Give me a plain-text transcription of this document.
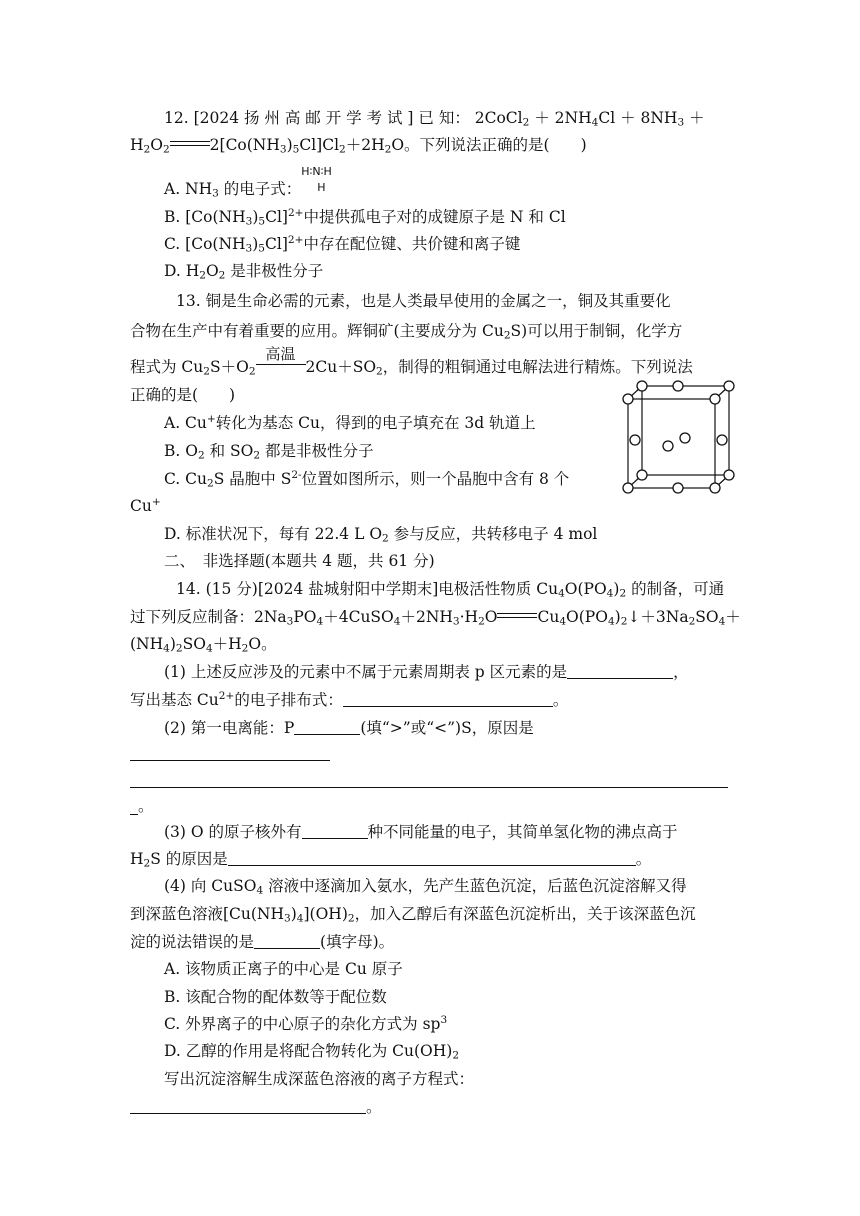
12. [2024 扬 州 高 邮 开 学 考 试 ] 已 知： 2CoCl$_2$ ＋ $2NH_4Cl + 8NH_3$ ＋
$H_2O_2$	$2[Co(NH_3)_5Cl]Cl_2+2H_2O$。下列说法正确的是(　　)
A. $NH_3$ 的电子式：
H∶N∶H
H
B. $[Co(NH_3)_5Cl]^{2+}$中提供孤电子对的成键原子是 N 和 Cl
C. $[Co(NH_3)_5Cl]^{2+}$中存在配位键、共价键和离子键
D. $H_2O_2$ 是非极性分子
13. 铜是生命必需的元素，也是人类最早使用的金属之一，铜及其重要化
合物在生产中有着重要的应用。辉铜矿(主要成分为 $Cu_2S$)可以用于制铜，化学方
程式为 $Cu_2S+O_2$
高温
$2Cu+SO_2$，制得的粗铜通过电解法进行精炼。下列说法
正确的是(　　)
A. Cu+转化为基态 Cu，得到的电子填充在 3d 轨道上
B. $O_2$ 和 $SO_2$ 都是非极性分子
C. $Cu_2S$ 晶胞中 $S^{2-}$位置如图所示，则一个晶胞中含有 8 个
Cu+
D. 标准状况下，每有 22.4 L $O_2$ 参与反应，共转移电子 4 mol
二、　非选择题(本题共 4 题，共 61 分)
14. (15 分)[2024 盐城射阳中学期末]电极活性物质 $Cu_4O(PO_4)_2$ 的制备，可通
过下列反应制备：$2Na_3PO_4+4CuSO_4+2NH_3\cdot H_2O$	$Cu_4O(PO_4)_2↓+3Na_2SO_4+$
$(NH_4)_2SO_4+H_2O$。
(1) 上述反应涉及的元素中不属于元素周期表 p 区元素的是	，
写出基态 $Cu^{2+}$的电子排布式：	。
(2) 第一电离能：P	(填“>”或“<”)S，原因是
。
(3) O 的原子核外有	种不同能量的电子，其简单氢化物的沸点高于
$H_2S$ 的原因是	。
(4) 向 CuSO$_4$ 溶液中逐滴加入氨水，先产生蓝色沉淀，后蓝色沉淀溶解又得
到深蓝色溶液$[Cu(NH_3)_4](OH)_2$，加入乙醇后有深蓝色沉淀析出，关于该深蓝色沉
淀的说法错误的是	(填字母)。
A. 该物质正离子的中心是 Cu 原子
B. 该配合物的配体数等于配位数
C. 外界离子的中心原子的杂化方式为 $sp^3$
D. 乙醇的作用是将配合物转化为 $Cu(OH)_2$
写出沉淀溶解生成深蓝色溶液的离子方程式：
。
